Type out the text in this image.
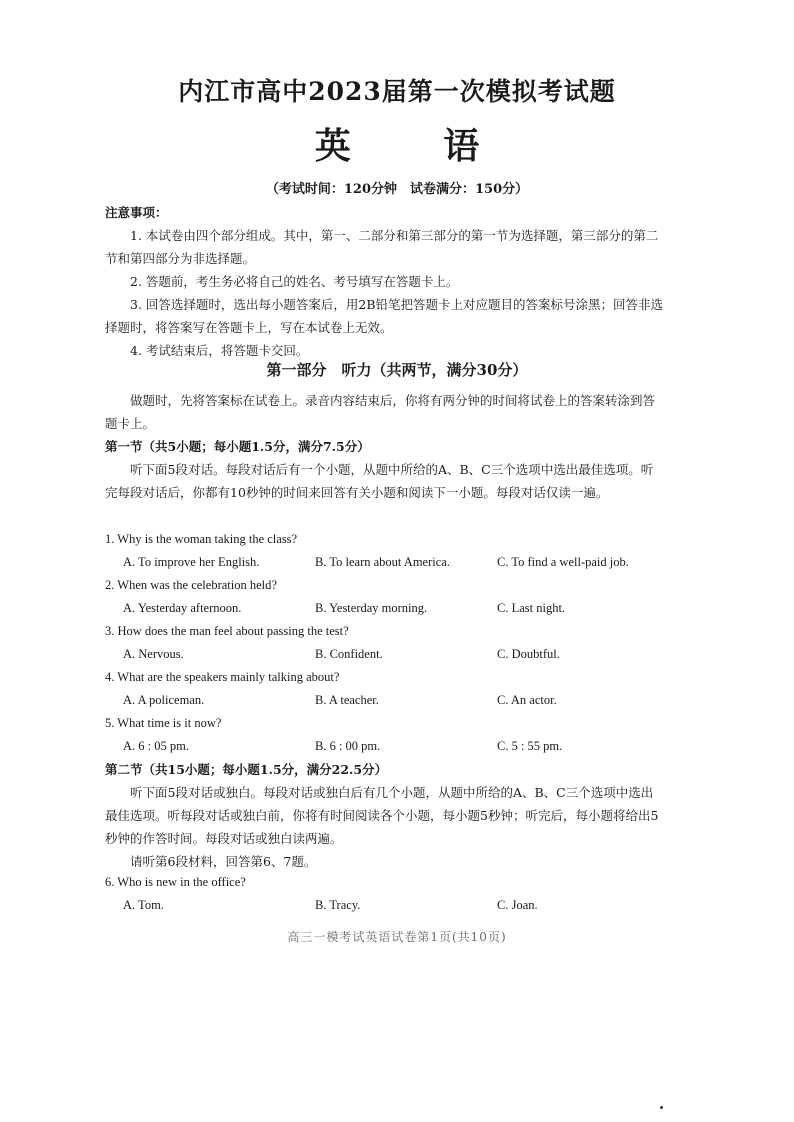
内江市高中2023届第一次模拟考试题
英 语
（考试时间：120分钟　试卷满分：150分）
注意事项：
1. 本试卷由四个部分组成。其中，第一、二部分和第三部分的第一节为选择题，第三部分的第二节和第四部分为非选择题。
2. 答题前，考生务必将自己的姓名、考号填写在答题卡上。
3. 回答选择题时，选出每小题答案后，用2B铅笔把答题卡上对应题目的答案标号涂黑；回答非选择题时，将答案写在答题卡上，写在本试卷上无效。
4. 考试结束后，将答题卡交回。
第一部分　听力（共两节，满分30分）
做题时，先将答案标在试卷上。录音内容结束后，你将有两分钟的时间将试卷上的答案转涂到答题卡上。
第一节（共5小题；每小题1.5分，满分7.5分）
听下面5段对话。每段对话后有一个小题，从题中所给的A、B、C三个选项中选出最佳选项。听完每段对话后，你都有10秒钟的时间来回答有关小题和阅读下一小题。每段对话仅读一遍。
1. Why is the woman taking the class?
A. To improve her English.	B. To learn about America.	C. To find a well-paid job.
2. When was the celebration held?
A. Yesterday afternoon.	B. Yesterday morning.	C. Last night.
3. How does the man feel about passing the test?
A. Nervous.	B. Confident.	C. Doubtful.
4. What are the speakers mainly talking about?
A. A policeman.	B. A teacher.	C. An actor.
5. What time is it now?
A. 6 : 05 pm.	B. 6 : 00 pm.	C. 5 : 55 pm.
第二节（共15小题；每小题1.5分，满分22.5分）
听下面5段对话或独白。每段对话或独白后有几个小题，从题中所给的A、B、C三个选项中选出最佳选项。听每段对话或独白前，你将有时间阅读各个小题，每小题5秒钟；听完后，每小题将给出5秒钟的作答时间。每段对话或独白读两遍。
请听第6段材料，回答第6、7题。
6. Who is new in the office?
A. Tom.	B. Tracy.	C. Joan.
高三一模考试英语试卷第1页(共10页)
